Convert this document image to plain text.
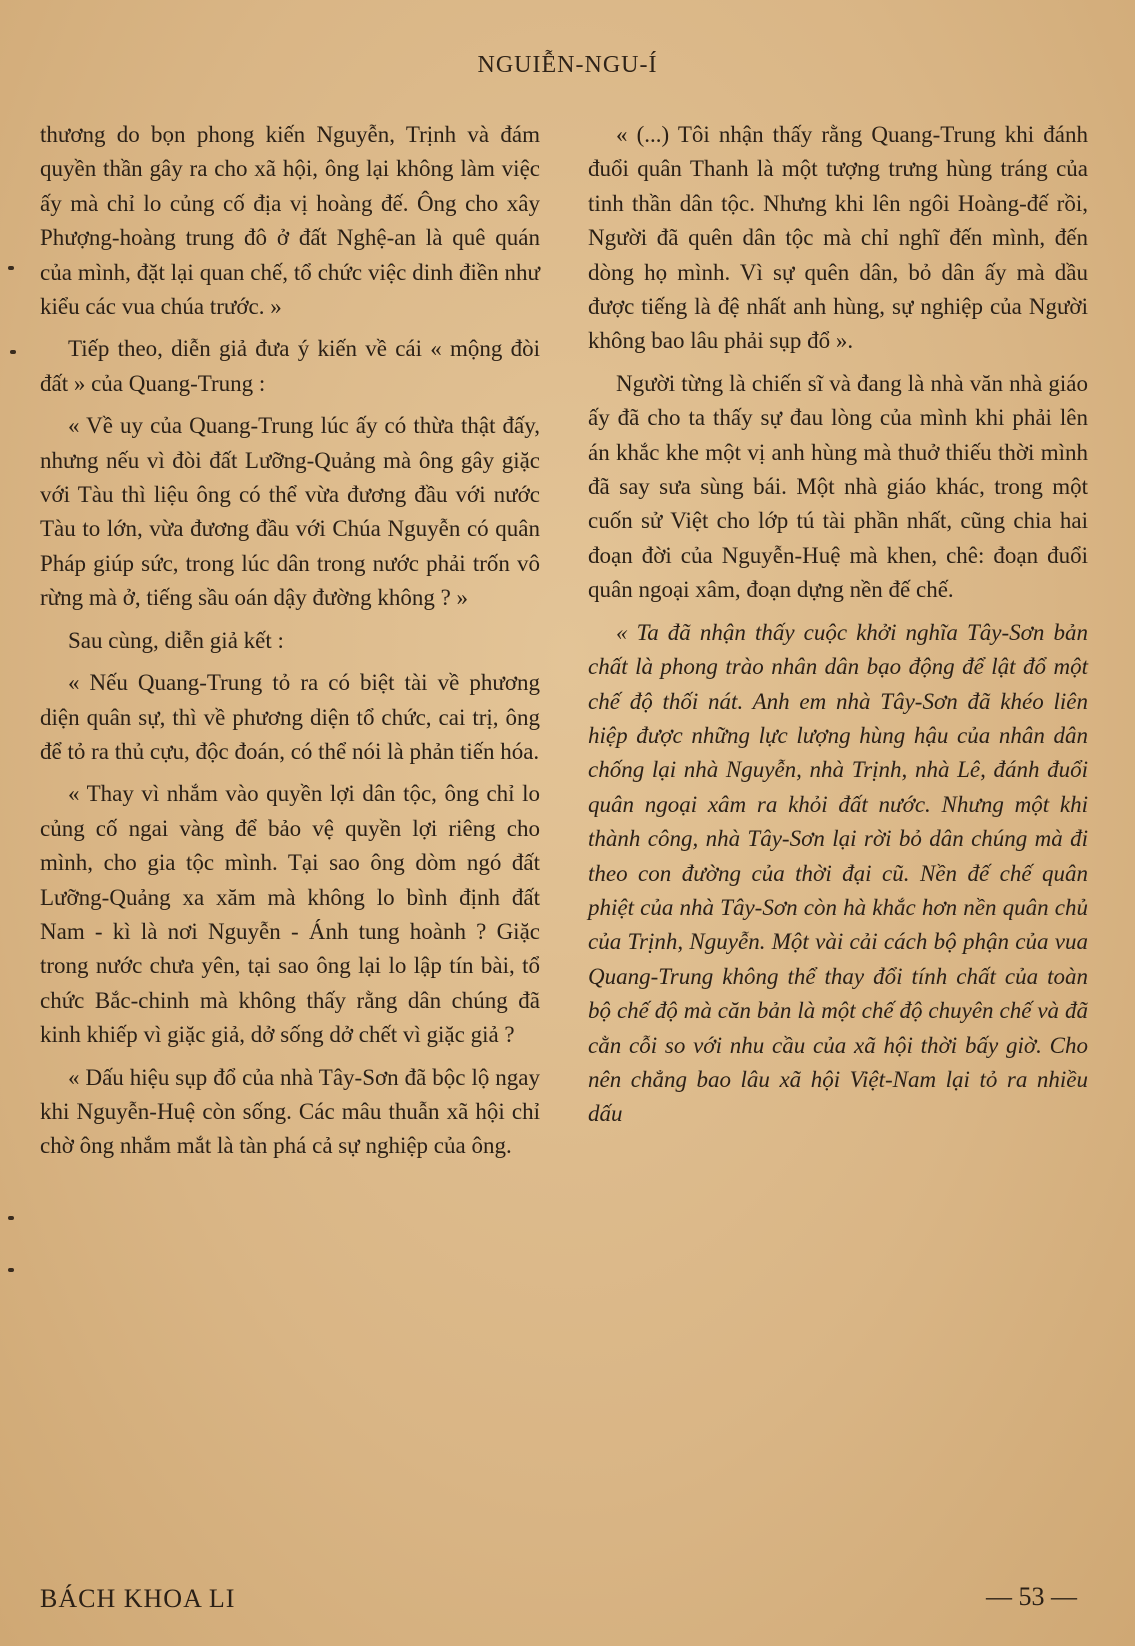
NGUIỄN-NGU-Í

thương do bọn phong kiến Nguyễn, Trịnh và đám quyền thần gây ra cho xã hội, ông lại không làm việc ấy mà chỉ lo củng cố địa vị hoàng đế. Ông cho xây Phượng-hoàng trung đô ở đất Nghệ-an là quê quán của mình, đặt lại quan chế, tổ chức việc dinh điền như kiểu các vua chúa trước. »

Tiếp theo, diễn giả đưa ý kiến về cái « mộng đòi đất » của Quang-Trung :

« Về uy của Quang-Trung lúc ấy có thừa thật đấy, nhưng nếu vì đòi đất Lưỡng-Quảng mà ông gây giặc với Tàu thì liệu ông có thể vừa đương đầu với nước Tàu to lớn, vừa đương đầu với Chúa Nguyễn có quân Pháp giúp sức, trong lúc dân trong nước phải trốn vô rừng mà ở, tiếng sầu oán dậy đường không ? »

Sau cùng, diễn giả kết :

« Nếu Quang-Trung tỏ ra có biệt tài về phương diện quân sự, thì về phương diện tổ chức, cai trị, ông để tỏ ra thủ cựu, độc đoán, có thể nói là phản tiến hóa.

« Thay vì nhắm vào quyền lợi dân tộc, ông chỉ lo củng cố ngai vàng để bảo vệ quyền lợi riêng cho mình, cho gia tộc mình. Tại sao ông dòm ngó đất Lưỡng-Quảng xa xăm mà không lo bình định đất Nam - kì là nơi Nguyễn - Ánh tung hoành ? Giặc trong nước chưa yên, tại sao ông lại lo lập tín bài, tổ chức Bắc-chinh mà không thấy rằng dân chúng đã kinh khiếp vì giặc giả, dở sống dở chết vì giặc giả ?

« Dấu hiệu sụp đổ của nhà Tây-Sơn đã bộc lộ ngay khi Nguyễn-Huệ còn sống. Các mâu thuẫn xã hội chỉ chờ ông nhắm mắt là tàn phá cả sự nghiệp của ông.

« (...) Tôi nhận thấy rằng Quang-Trung khi đánh đuổi quân Thanh là một tượng trưng hùng tráng của tinh thần dân tộc. Nhưng khi lên ngôi Hoàng-đế rồi, Người đã quên dân tộc mà chỉ nghĩ đến mình, đến dòng họ mình. Vì sự quên dân, bỏ dân ấy mà dầu được tiếng là đệ nhất anh hùng, sự nghiệp của Người không bao lâu phải sụp đổ ».

Người từng là chiến sĩ và đang là nhà văn nhà giáo ấy đã cho ta thấy sự đau lòng của mình khi phải lên án khắc khe một vị anh hùng mà thuở thiếu thời mình đã say sưa sùng bái. Một nhà giáo khác, trong một cuốn sử Việt cho lớp tú tài phần nhất, cũng chia hai đoạn đời của Nguyễn-Huệ mà khen, chê: đoạn đuổi quân ngoại xâm, đoạn dựng nền đế chế.

« Ta đã nhận thấy cuộc khởi nghĩa Tây-Sơn bản chất là phong trào nhân dân bạo động để lật đổ một chế độ thối nát. Anh em nhà Tây-Sơn đã khéo liên hiệp được những lực lượng hùng hậu của nhân dân chống lại nhà Nguyễn, nhà Trịnh, nhà Lê, đánh đuổi quân ngoại xâm ra khỏi đất nước. Nhưng một khi thành công, nhà Tây-Sơn lại rời bỏ dân chúng mà đi theo con đường của thời đại cũ. Nền đế chế quân phiệt của nhà Tây-Sơn còn hà khắc hơn nền quân chủ của Trịnh, Nguyễn. Một vài cải cách bộ phận của vua Quang-Trung không thể thay đổi tính chất của toàn bộ chế độ mà căn bản là một chế độ chuyên chế và đã cằn cỗi so với nhu cầu của xã hội thời bấy giờ. Cho nên chẳng bao lâu xã hội Việt-Nam lại tỏ ra nhiều dấu

BÁCH KHOA LI	— 53 —
